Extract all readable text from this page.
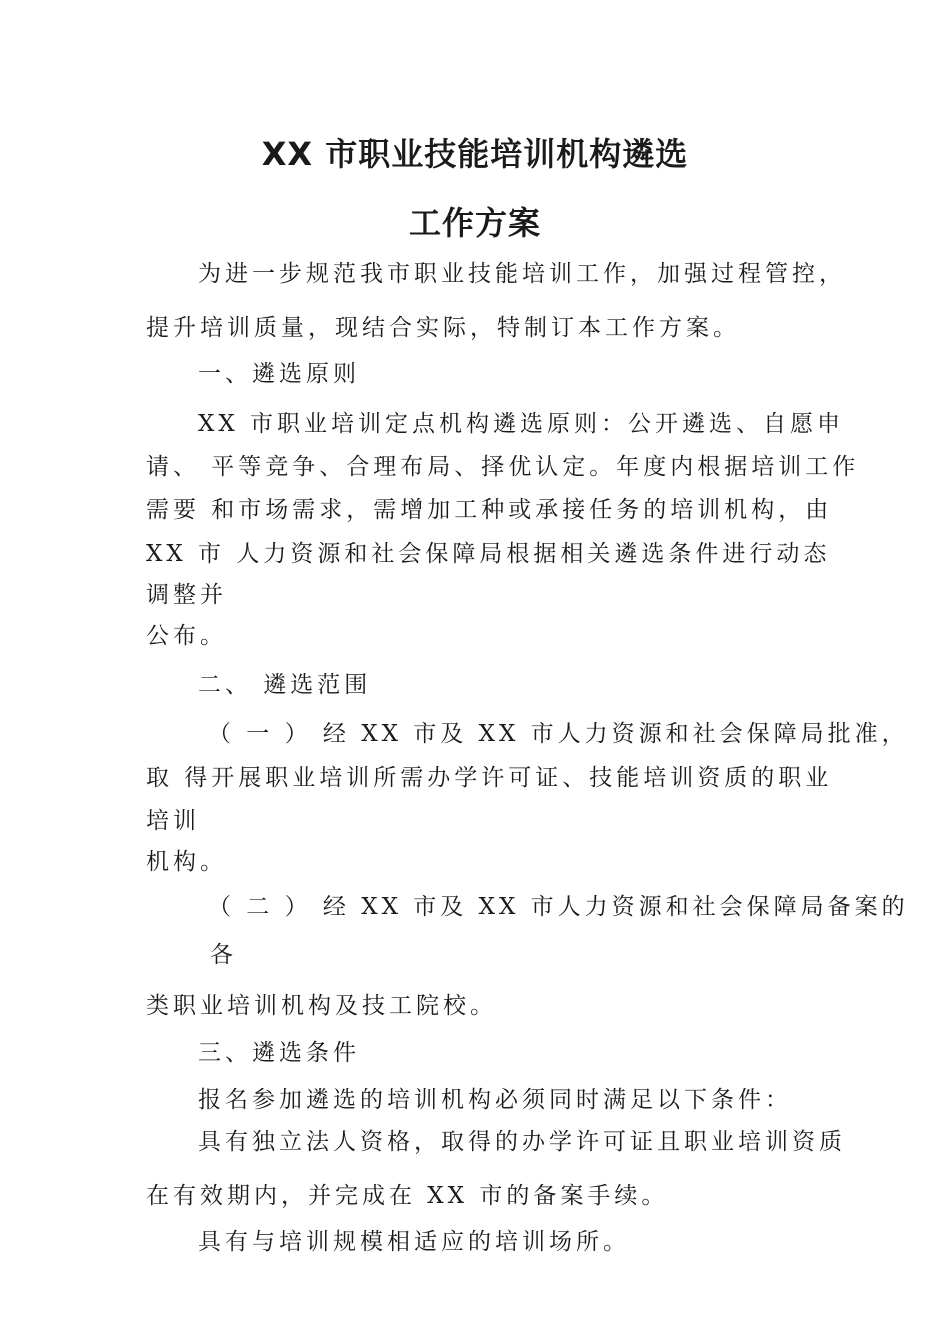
XX 市职业技能培训机构遴选
工作方案
为进一步规范我市职业技能培训工作，加强过程管控，
提升培训质量，现结合实际，特制订本工作方案。
一、遴选原则
XX 市职业培训定点机构遴选原则：公开遴选、自愿申
请、 平等竞争、合理布局、择优认定。年度内根据培训工作
需要 和市场需求，需增加工种或承接任务的培训机构，由
XX 市 人力资源和社会保障局根据相关遴选条件进行动态
调整并
公布。
二、 遴选范围
（ 一 ） 经 XX 市及 XX 市人力资源和社会保障局批准，
取 得开展职业培训所需办学许可证、技能培训资质的职业
培训
机构。
（ 二 ） 经 XX 市及 XX 市人力资源和社会保障局备案的
各
类职业培训机构及技工院校。
三、遴选条件
报名参加遴选的培训机构必须同时满足以下条件：
具有独立法人资格，取得的办学许可证且职业培训资质
在有效期内，并完成在 XX 市的备案手续。
具有与培训规模相适应的培训场所。
